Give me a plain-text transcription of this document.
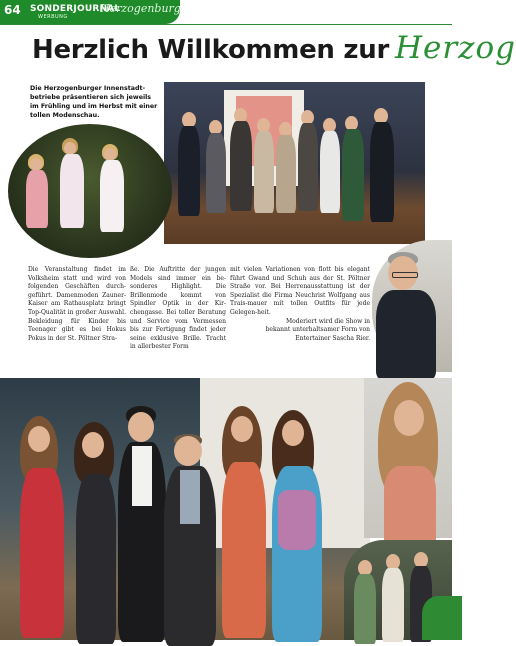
64 SONDERJOURNAL
WERBUNG
Herzogenburg
Herzlich Willkommen zur Herzog
Die Herzogenburger Innenstadt-betriebe präsentieren sich jeweils im Frühling und im Herbst mit einer tollen Modenschau.

Die Veranstaltung findet im Volksheim statt und wird von folgenden Geschäften durch-geführt. Damenmoden Zauner-Kaiser am Rathausplatz bringt Top-Qualität in großer Auswahl. Bekleidung für Kinder bis Teenager gibt es bei Hokus Pokus in der St. Pöltner Stra-

ße. Die Auftritte der jungen Models sind immer ein be-sonderes Highlight. Die Brillenmode kommt von Spindler Optik in der Kir-chengasse. Bei toller Beratung und Service vom Vermessen bis zur Fertigung findet jeder seine exklusive Brille. Tracht in allerbester Form

mit vielen Variationen von flott bis elegant führt Gwand und Schuh aus der St. Pöltner Straße vor. Bei Herrenausstattung ist der Spezialist die Firma Neuchrist Wolfgang aus Trais-mauer mit tollen Outfits für jede Gelegen-heit.

Moderiert wird die Show in
bekannt unterhaltsamer Form von
Entertainer Sascha Rier.
